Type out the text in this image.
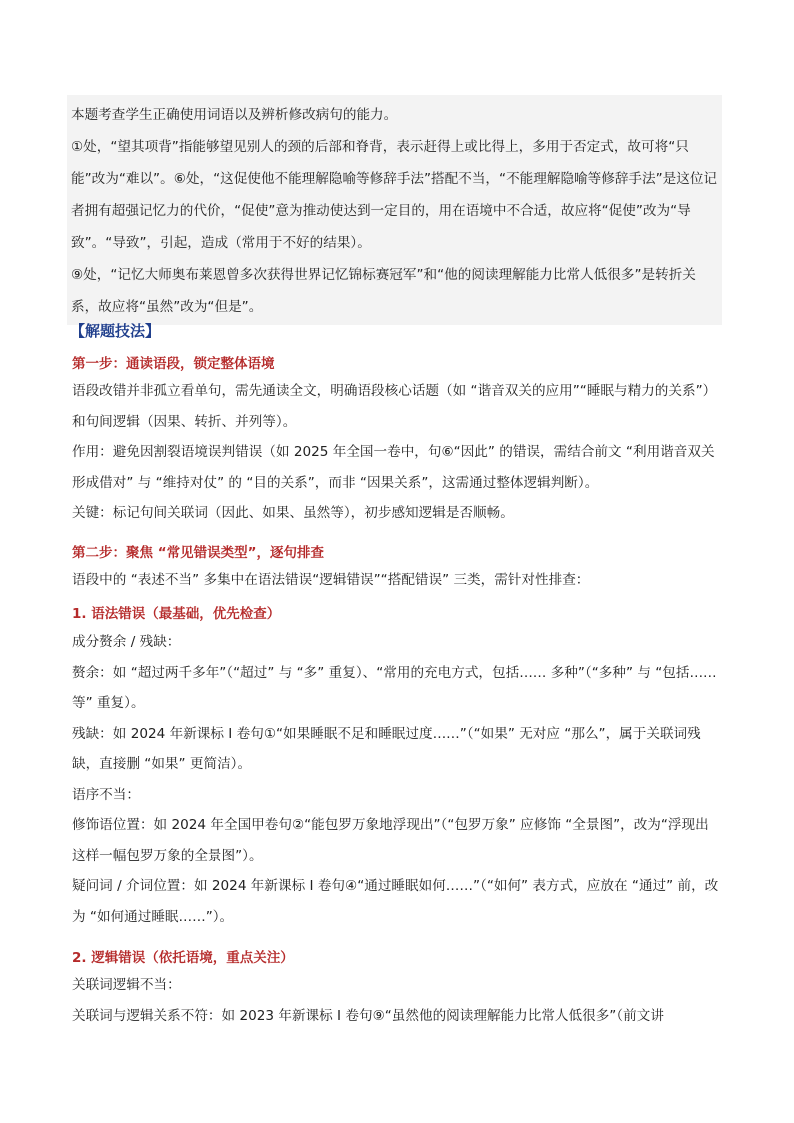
本题考查学生正确使用词语以及辨析修改病句的能力。

①处，“望其项背”指能够望见别人的颈的后部和脊背，表示赶得上或比得上，多用于否定式，故可将“只能”改为“难以”。⑥处，“这促使他不能理解隐喻等修辞手法”搭配不当，“不能理解隐喻等修辞手法”是这位记者拥有超强记忆力的代价，“促使”意为推动使达到一定目的，用在语境中不合适，故应将“促使”改为“导致”。“导致”，引起，造成（常用于不好的结果）。

⑨处，“记忆大师奥布莱恩曾多次获得世界记忆锦标赛冠军”和“他的阅读理解能力比常人低很多”是转折关系，故应将“虽然”改为“但是”。

【解题技法】
第一步：通读语段，锁定整体语境

语段改错并非孤立看单句，需先通读全文，明确语段核心话题（如 “谐音双关的应用”“睡眠与精力的关系”）和句间逻辑（因果、转折、并列等）。

作用：避免因割裂语境误判错误（如 2025 年全国一卷中，句⑥“因此” 的错误，需结合前文 “利用谐音双关形成借对” 与 “维持对仗” 的 “目的关系”，而非 “因果关系”，这需通过整体逻辑判断）。

关键：标记句间关联词（因此、如果、虽然等），初步感知逻辑是否顺畅。

第二步：聚焦 “常见错误类型”，逐句排查

语段中的 “表述不当” 多集中在语法错误“逻辑错误”“搭配错误” 三类，需针对性排查：

1. 语法错误（最基础，优先检查）

成分赘余 / 残缺：

赘余：如 “超过两千多年”（“超过” 与 “多” 重复）、“常用的充电方式，包括…… 多种”（“多种” 与 “包括…… 等” 重复）。

残缺：如 2024 年新课标 Ⅰ 卷句①“如果睡眠不足和睡眠过度……”（“如果” 无对应 “那么”，属于关联词残缺，直接删 “如果” 更简洁）。

语序不当：

修饰语位置：如 2024 年全国甲卷句②“能包罗万象地浮现出”（“包罗万象” 应修饰 “全景图”，改为“浮现出这样一幅包罗万象的全景图”）。

疑问词 / 介词位置：如 2024 年新课标 Ⅰ 卷句④“通过睡眠如何……”（“如何” 表方式，应放在 “通过” 前，改为 “如何通过睡眠……”）。

2. 逻辑错误（依托语境，重点关注）

关联词逻辑不当：

关联词与逻辑关系不符：如 2023 年新课标 Ⅰ 卷句⑨“虽然他的阅读理解能力比常人低很多”（前文讲
